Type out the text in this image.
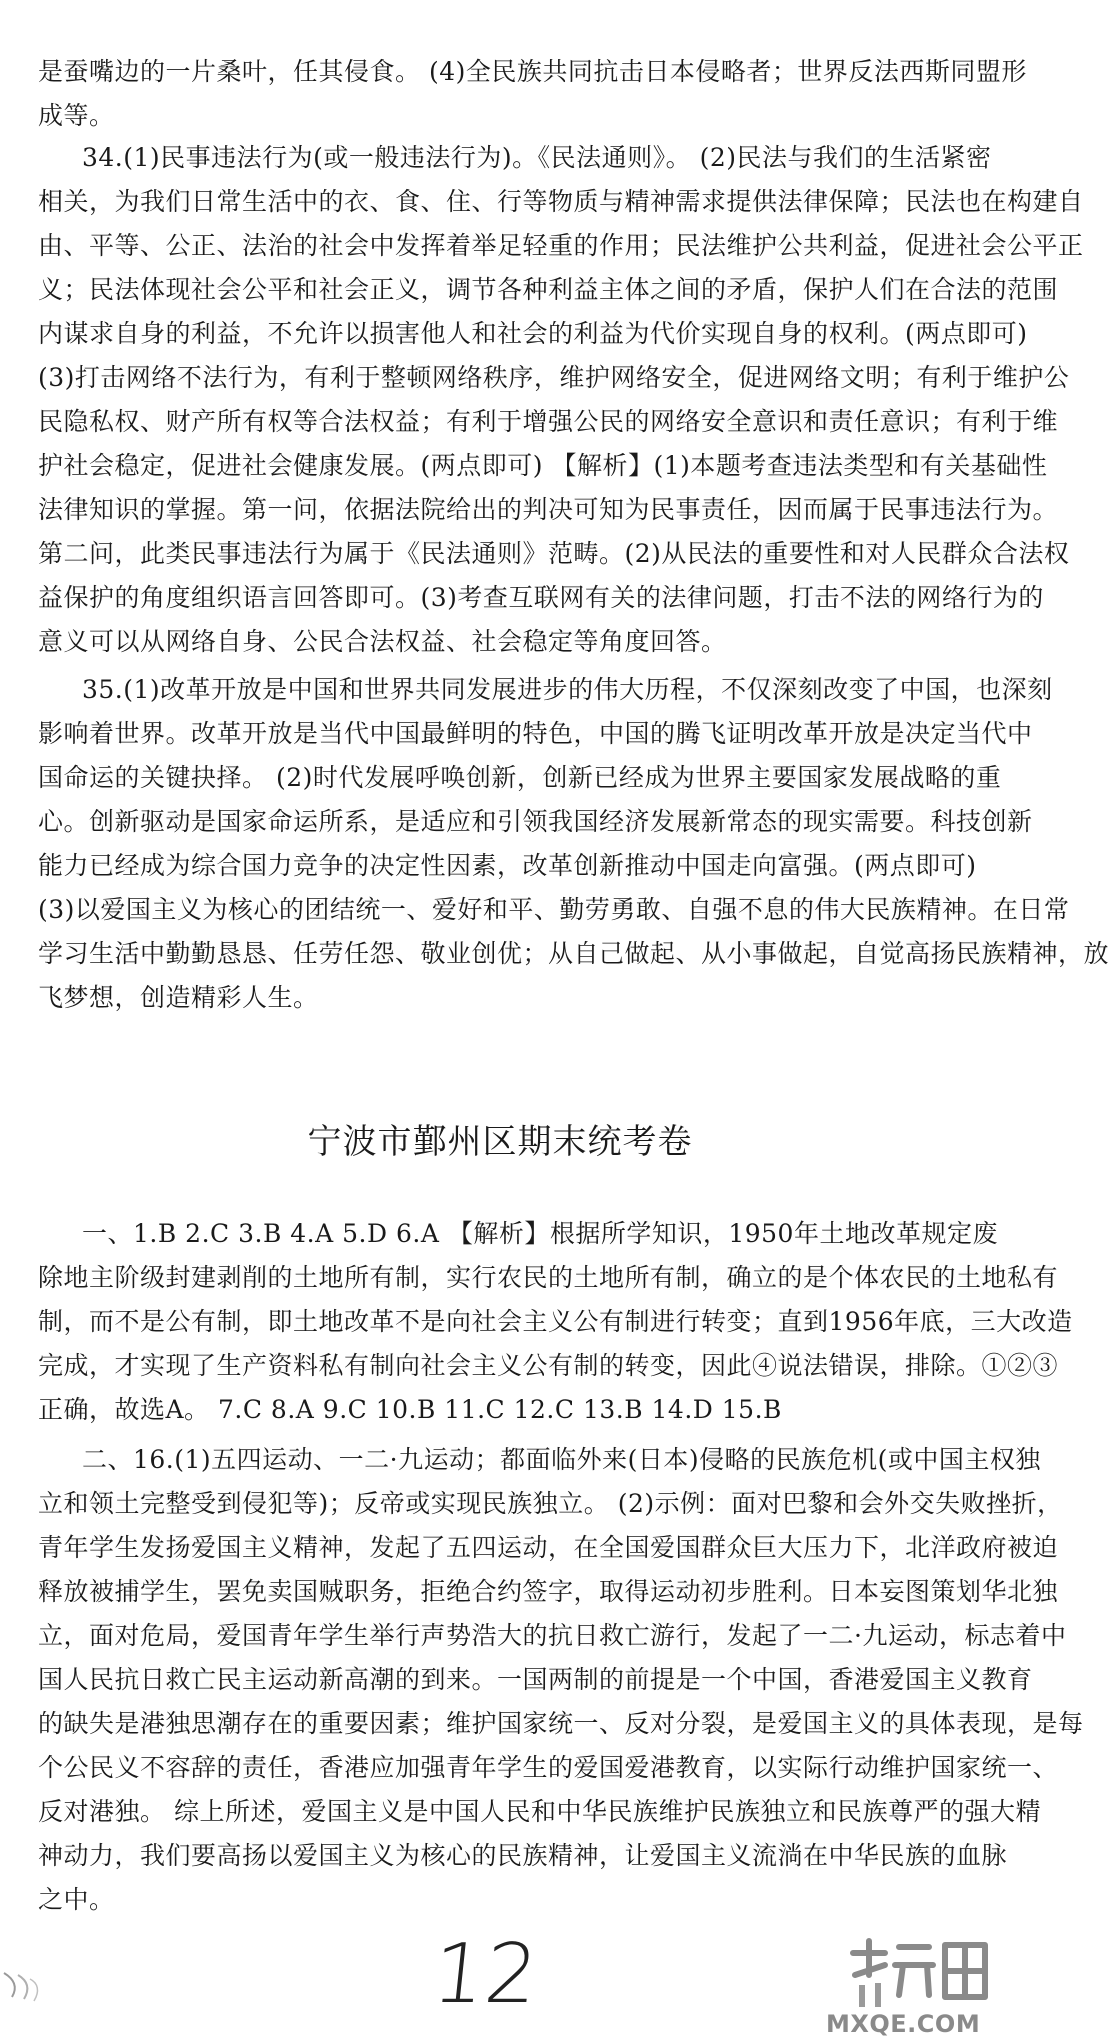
是蚕嘴边的一片桑叶，任其侵食。 (4)全民族共同抗击日本侵略者；世界反法西斯同盟形
成等。
34.(1)民事违法行为(或一般违法行为)。《民法通则》。 (2)民法与我们的生活紧密
相关，为我们日常生活中的衣、食、住、行等物质与精神需求提供法律保障；民法也在构建自
由、平等、公正、法治的社会中发挥着举足轻重的作用；民法维护公共利益，促进社会公平正
义；民法体现社会公平和社会正义，调节各种利益主体之间的矛盾，保护人们在合法的范围
内谋求自身的利益，不允许以损害他人和社会的利益为代价实现自身的权利。(两点即可)
(3)打击网络不法行为，有利于整顿网络秩序，维护网络安全，促进网络文明；有利于维护公
民隐私权、财产所有权等合法权益；有利于增强公民的网络安全意识和责任意识；有利于维
护社会稳定，促进社会健康发展。(两点即可) 【解析】(1)本题考查违法类型和有关基础性
法律知识的掌握。第一问，依据法院给出的判决可知为民事责任，因而属于民事违法行为。
第二问，此类民事违法行为属于《民法通则》范畴。(2)从民法的重要性和对人民群众合法权
益保护的角度组织语言回答即可。(3)考查互联网有关的法律问题，打击不法的网络行为的
意义可以从网络自身、公民合法权益、社会稳定等角度回答。
35.(1)改革开放是中国和世界共同发展进步的伟大历程，不仅深刻改变了中国，也深刻
影响着世界。改革开放是当代中国最鲜明的特色，中国的腾飞证明改革开放是决定当代中
国命运的关键抉择。 (2)时代发展呼唤创新，创新已经成为世界主要国家发展战略的重
心。创新驱动是国家命运所系，是适应和引领我国经济发展新常态的现实需要。科技创新
能力已经成为综合国力竞争的决定性因素，改革创新推动中国走向富强。(两点即可)
(3)以爱国主义为核心的团结统一、爱好和平、勤劳勇敢、自强不息的伟大民族精神。在日常
学习生活中勤勤恳恳、任劳任怨、敬业创优；从自己做起、从小事做起，自觉高扬民族精神，放
飞梦想，创造精彩人生。
宁波市鄞州区期末统考卷
一、1.B 2.C 3.B 4.A 5.D 6.A 【解析】根据所学知识，1950年土地改革规定废
除地主阶级封建剥削的土地所有制，实行农民的土地所有制，确立的是个体农民的土地私有
制，而不是公有制，即土地改革不是向社会主义公有制进行转变；直到1956年底，三大改造
完成，才实现了生产资料私有制向社会主义公有制的转变，因此④说法错误，排除。①②③
正确，故选A。 7.C 8.A 9.C 10.B 11.C 12.C 13.B 14.D 15.B
二、16.(1)五四运动、一二·九运动；都面临外来(日本)侵略的民族危机(或中国主权独
立和领土完整受到侵犯等)；反帝或实现民族独立。 (2)示例：面对巴黎和会外交失败挫折，
青年学生发扬爱国主义精神，发起了五四运动，在全国爱国群众巨大压力下，北洋政府被迫
释放被捕学生，罢免卖国贼职务，拒绝合约签字，取得运动初步胜利。日本妄图策划华北独
立，面对危局，爱国青年学生举行声势浩大的抗日救亡游行，发起了一二·九运动，标志着中
国人民抗日救亡民主运动新高潮的到来。一国两制的前提是一个中国，香港爱国主义教育
的缺失是港独思潮存在的重要因素；维护国家统一、反对分裂，是爱国主义的具体表现，是每
个公民义不容辞的责任，香港应加强青年学生的爱国爱港教育，以实际行动维护国家统一、
反对港独。 综上所述，爱国主义是中国人民和中华民族维护民族独立和民族尊严的强大精
神动力，我们要高扬以爱国主义为核心的民族精神，让爱国主义流淌在中华民族的血脉
之中。
12
MXQE.COM
